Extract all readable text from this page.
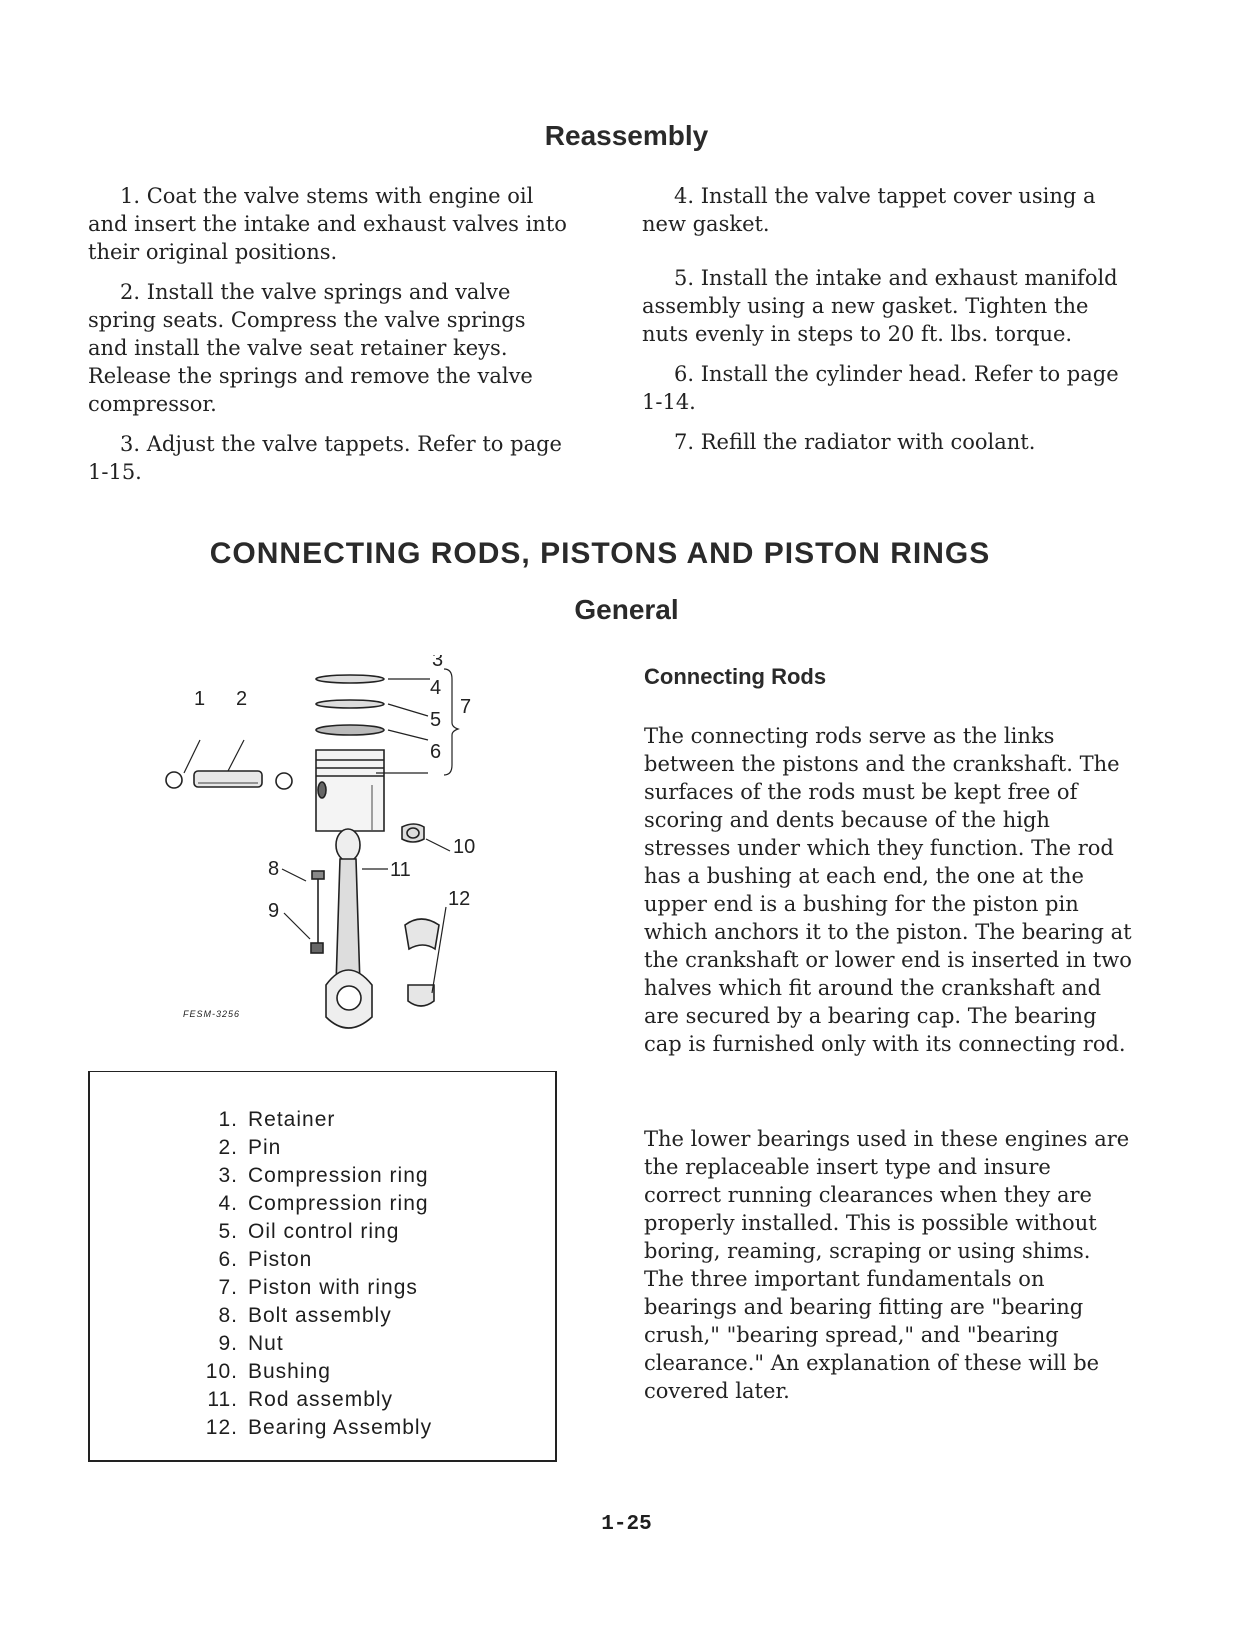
Reassembly

1. Coat the valve stems with engine oil and insert the intake and exhaust valves into their original positions.

2. Install the valve springs and valve spring seats. Compress the valve springs and install the valve seat retainer keys. Release the springs and remove the valve compressor.

3. Adjust the valve tappets. Refer to page 1-15.

4. Install the valve tappet cover using a new gasket.

5. Install the intake and exhaust manifold assembly using a new gasket. Tighten the nuts evenly in steps to 20 ft. lbs. torque.

6. Install the cylinder head. Refer to page 1-14.

7. Refill the radiator with coolant.

CONNECTING RODS, PISTONS AND PISTON RINGS
General
1 2
3
4
5
7
6
10
11
8
9
12
FESM-3256
1. Retainer
2. Pin
3. Compression ring
4. Compression ring
5. Oil control ring
6. Piston
7. Piston with rings
8. Bolt assembly
9. Nut
10. Bushing
11. Rod assembly
12. Bearing Assembly
Connecting Rods

The connecting rods serve as the links between the pistons and the crankshaft. The surfaces of the rods must be kept free of scoring and dents because of the high stresses under which they function. The rod has a bushing at each end, the one at the upper end is a bushing for the piston pin which anchors it to the piston. The bearing at the crankshaft or lower end is inserted in two halves which fit around the crankshaft and are secured by a bearing cap. The bearing cap is furnished only with its connecting rod.

The lower bearings used in these engines are the replaceable insert type and insure correct running clearances when they are properly installed. This is possible without boring, reaming, scraping or using shims. The three important fundamentals on bearings and bearing fitting are "bearing crush," "bearing spread," and "bearing clearance." An explanation of these will be covered later.

1-25
